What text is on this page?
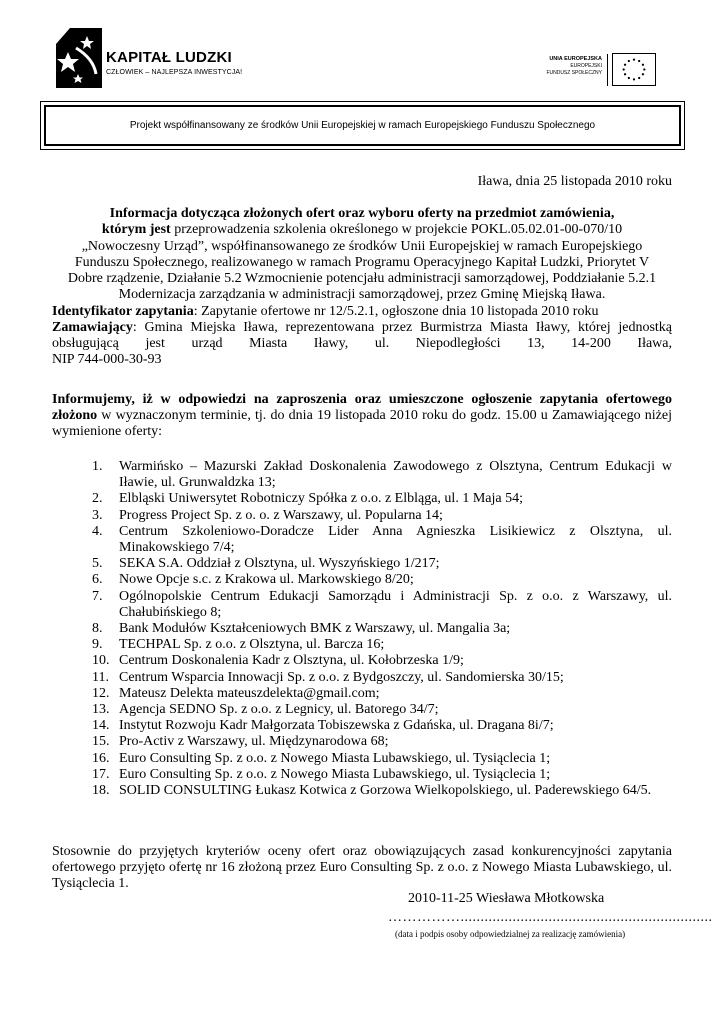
KAPITAŁ LUDZKI
CZŁOWIEK – NAJLEPSZA INWESTYCJA!
UNIA EUROPEJSKA
EUROPEJSKI
FUNDUSZ SPOŁECZNY
Projekt współfinansowany ze środków Unii Europejskiej w ramach Europejskiego Funduszu Społecznego
Iława, dnia 25 listopada 2010 roku
Informacja dotycząca złożonych ofert oraz wyboru oferty na przedmiot zamówienia,
którym jest przeprowadzenia szkolenia określonego w projekcie POKL.05.02.01-00-070/10
„Nowoczesny Urząd”, współfinansowanego ze środków Unii Europejskiej w ramach Europejskiego
Funduszu Społecznego, realizowanego w ramach Programu Operacyjnego Kapitał Ludzki, Priorytet V
Dobre rządzenie, Działanie 5.2 Wzmocnienie potencjału administracji samorządowej, Poddziałanie 5.2.1
Modernizacja zarządzania w administracji samorządowej, przez Gminę Miejską Iława.
Identyfikator zapytania: Zapytanie ofertowe nr 12/5.2.1, ogłoszone dnia 10 listopada 2010 roku
Zamawiający: Gmina Miejska Iława, reprezentowana przez Burmistrza Miasta Iławy, której jednostką
obsługującą jest urząd Miasta Iławy, ul. Niepodległości 13, 14-200 Iława,
NIP 744-000-30-93
Informujemy, iż w odpowiedzi na zaproszenia oraz umieszczone ogłoszenie zapytania ofertowego
złożono w wyznaczonym terminie, tj. do dnia 19 listopada 2010 roku do godz. 15.00 u Zamawiającego niżej wymienione oferty:
1. Warmińsko – Mazurski Zakład Doskonalenia Zawodowego z Olsztyna, Centrum Edukacji w Iławie, ul. Grunwaldzka 13;
2. Elbląski Uniwersytet Robotniczy Spółka z o.o. z Elbląga, ul. 1 Maja 54;
3. Progress Project Sp. z o. o. z Warszawy, ul. Popularna 14;
4. Centrum Szkoleniowo-Doradcze Lider Anna Agnieszka Lisikiewicz z Olsztyna, ul. Minakowskiego 7/4;
5. SEKA S.A. Oddział z Olsztyna, ul. Wyszyńskiego 1/217;
6. Nowe Opcje s.c. z Krakowa ul. Markowskiego 8/20;
7. Ogólnopolskie Centrum Edukacji Samorządu i Administracji Sp. z o.o. z Warszawy, ul. Chałubińskiego 8;
8. Bank Modułów Kształceniowych BMK z Warszawy, ul. Mangalia 3a;
9. TECHPAL Sp. z o.o. z Olsztyna, ul. Barcza 16;
10. Centrum Doskonalenia Kadr z Olsztyna, ul. Kołobrzeska 1/9;
11. Centrum Wsparcia Innowacji Sp. z o.o. z Bydgoszczy, ul. Sandomierska 30/15;
12. Mateusz Delekta mateuszdelekta@gmail.com;
13. Agencja SEDNO Sp. z o.o. z Legnicy, ul. Batorego 34/7;
14. Instytut Rozwoju Kadr Małgorzata Tobiszewska z Gdańska, ul. Dragana 8i/7;
15. Pro-Activ z Warszawy, ul. Międzynarodowa 68;
16. Euro Consulting Sp. z o.o. z Nowego Miasta Lubawskiego, ul. Tysiąclecia 1;
17. Euro Consulting Sp. z o.o. z Nowego Miasta Lubawskiego, ul. Tysiąclecia 1;
18. SOLID CONSULTING Łukasz Kotwica z Gorzowa Wielkopolskiego, ul. Paderewskiego 64/5.
Stosownie do przyjętych kryteriów oceny ofert oraz obowiązujących zasad konkurencyjności zapytania ofertowego przyjęto ofertę nr 16 złożoną przez Euro Consulting Sp. z o.o. z Nowego Miasta Lubawskiego, ul. Tysiąclecia 1.
2010-11-25 Wiesława Młotkowska
……………...............................................................
(data i podpis osoby odpowiedzialnej za realizację zamówienia)
